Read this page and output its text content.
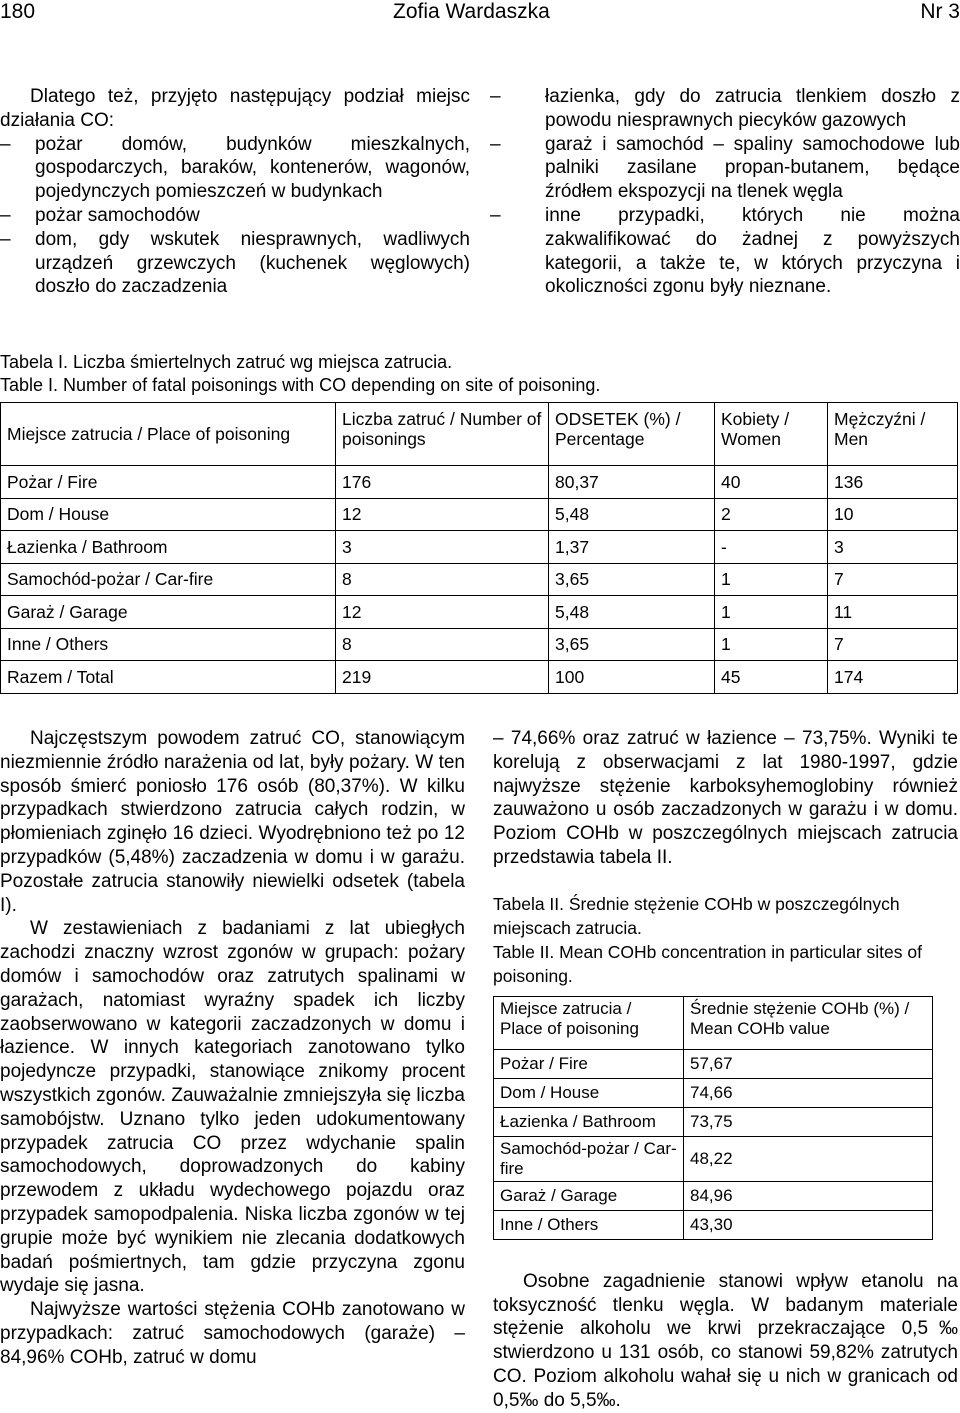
180	Zofia Wardaszka	Nr 3

Dlatego też, przyjęto następujący podział miejsc działania CO:

– pożar domów, budynków mieszkalnych, gospodarczych, baraków, kontenerów, wagonów, pojedynczych pomieszczeń w budynkach
– pożar samochodów
– dom, gdy wskutek niesprawnych, wadliwych urządzeń grzewczych (kuchenek węglowych) doszło do zaczadzenia
– łazienka, gdy do zatrucia tlenkiem doszło z powodu niesprawnych piecyków gazowych
– garaż i samochód – spaliny samochodowe lub palniki zasilane propan-butanem, będące źródłem ekspozycji na tlenek węgla
– inne przypadki, których nie można zakwalifikować do żadnej z powyższych kategorii, a także te, w których przyczyna i okoliczności zgonu były nieznane.
Tabela I. Liczba śmiertelnych zatruć wg miejsca zatrucia.
Table I. Number of fatal poisonings with CO depending on site of poisoning.
Miejsce zatrucia / Place of poisoning	Liczba zatruć / Number of poisonings	ODSETEK (%) / Percentage	Kobiety / Women	Mężczyźni / Men
Pożar / Fire	176	80,37	40	136
Dom / House	12	5,48	2	10
Łazienka / Bathroom	3	1,37	-	3
Samochód-pożar / Car-fire	8	3,65	1	7
Garaż / Garage	12	5,48	1	11
Inne / Others	8	3,65	1	7
Razem / Total	219	100	45	174

Najczęstszym powodem zatruć CO, stanowiącym niezmiennie źródło narażenia od lat, były pożary. W ten sposób śmierć poniosło 176 osób (80,37%). W kilku przypadkach stwierdzono zatrucia całych rodzin, w płomieniach zginęło 16 dzieci. Wyodrębniono też po 12 przypadków (5,48%) zaczadzenia w domu i w garażu. Pozostałe zatrucia stanowiły niewielki odsetek (tabela I).

W zestawieniach z badaniami z lat ubiegłych zachodzi znaczny wzrost zgonów w grupach: pożary domów i samochodów oraz zatrutych spalinami w garażach, natomiast wyraźny spadek ich liczby zaobserwowano w kategorii zaczadzonych w domu i łazience. W innych kategoriach zanotowano tylko pojedyncze przypadki, stanowiące znikomy procent wszystkich zgonów. Zauważalnie zmniejszyła się liczba samobójstw. Uznano tylko jeden udokumentowany przypadek zatrucia CO przez wdychanie spalin samochodowych, doprowadzonych do kabiny przewodem z układu wydechowego pojazdu oraz przypadek samopodpalenia. Niska liczba zgonów w tej grupie może być wynikiem nie zlecania dodatkowych badań pośmiertnych, tam gdzie przyczyna zgonu wydaje się jasna.

Najwyższe wartości stężenia COHb zanotowano w przypadkach: zatruć samochodowych (garaże) – 84,96% COHb, zatruć w domu

– 74,66% oraz zatruć w łazience – 73,75%. Wyniki te korelują z obserwacjami z lat 1980-1997, gdzie najwyższe stężenie karboksyhemoglobiny również zauważono u osób zaczadzonych w garażu i w domu. Poziom COHb w poszczególnych miejscach zatrucia przedstawia tabela II.

Tabela II. Średnie stężenie COHb w poszczególnych miejscach zatrucia.
Table II. Mean COHb concentration in particular sites of poisoning.
Miejsce zatrucia / Place of poisoning	Średnie stężenie COHb (%) / Mean COHb value
Pożar / Fire	57,67
Dom / House	74,66
Łazienka / Bathroom	73,75
Samochód-pożar / Car-fire	48,22
Garaż / Garage	84,96
Inne / Others	43,30

Osobne zagadnienie stanowi wpływ etanolu na toksyczność tlenku węgla. W badanym materiale stężenie alkoholu we krwi przekraczające 0,5‰ stwierdzono u 131 osób, co stanowi 59,82% zatrutych CO. Poziom alkoholu wahał się u nich w granicach od 0,5‰ do 5,5‰.
